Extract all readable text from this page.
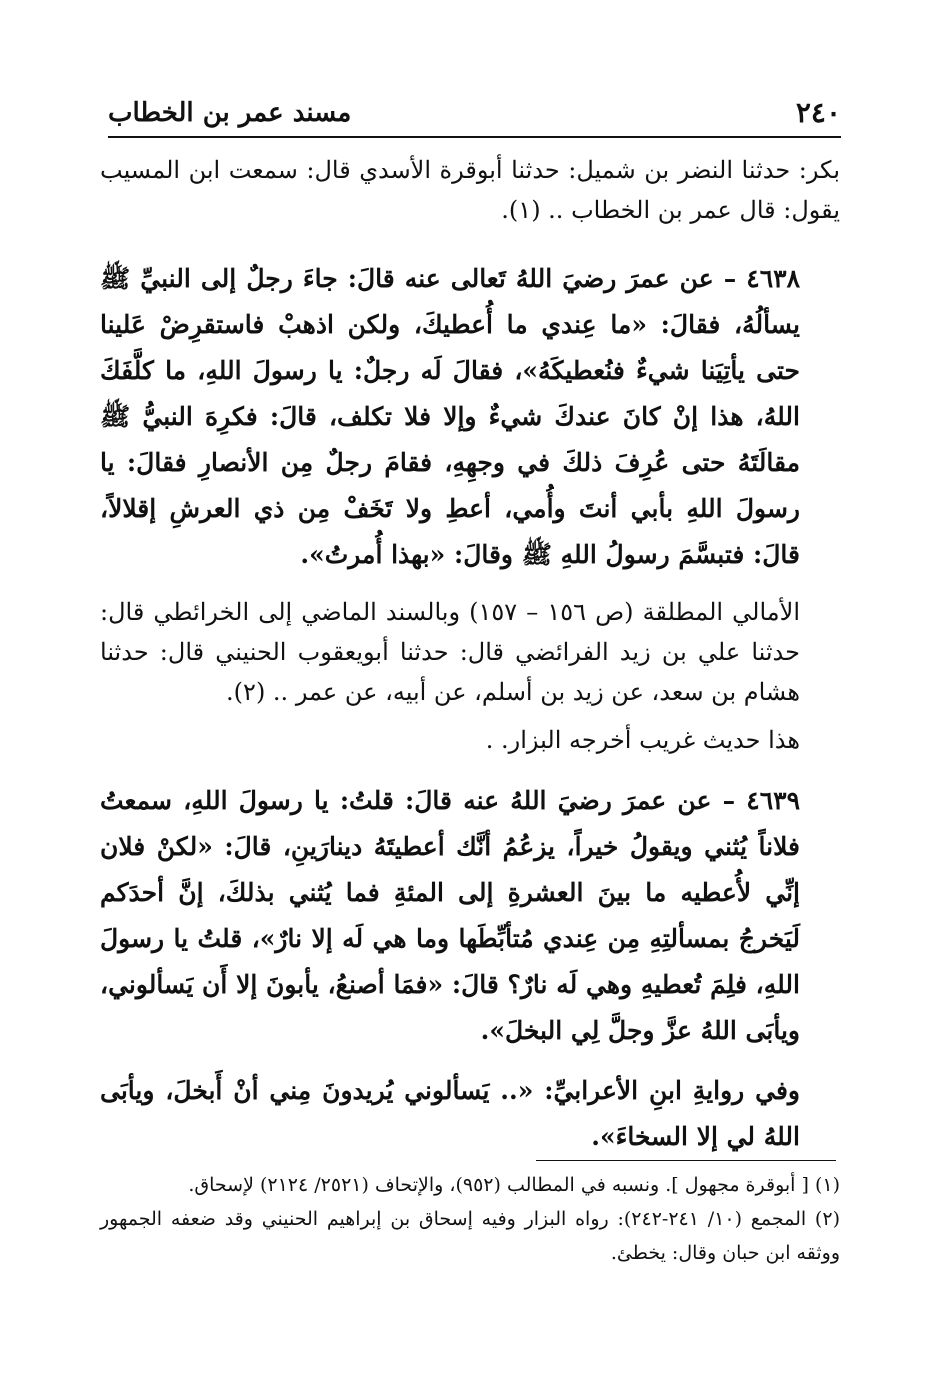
٢٤٠
مسند عمر بن الخطاب

بكر: حدثنا النضر بن شميل: حدثنا أبوقرة الأسدي قال: سمعت ابن المسيب يقول: قال عمر بن الخطاب .. (١).

٤٦٣٨ – عن عمرَ رضيَ اللهُ تَعالى عنه قالَ: جاءَ رجلٌ إلى النبيِّ ﷺ يسألُهُ، فقالَ: «ما عِندي ما أُعطيكَ، ولكن اذهبْ فاستقرِضْ عَلينا حتى يأتِيَنا شيءٌ فنُعطيكَهُ»، فقالَ لَه رجلٌ: يا رسولَ اللهِ، ما كلَّفَكَ اللهُ، هذا إنْ كانَ عندكَ شيءٌ وإلا فلا تكلف، قالَ: فكرِهَ النبيُّ ﷺ مقالَتَهُ حتى عُرِفَ ذلكَ في وجهِهِ، فقامَ رجلٌ مِن الأنصارِ فقالَ: يا رسولَ اللهِ بأبي أنتَ وأُمي، أعطِ ولا تَخَفْ مِن ذي العرشِ إقلالاً، قالَ: فتبسَّمَ رسولُ اللهِ ﷺ وقالَ: «بهذا أُمرتُ».

الأمالي المطلقة (ص ١٥٦ – ١٥٧) وبالسند الماضي إلى الخرائطي قال: حدثنا علي بن زيد الفرائضي قال: حدثنا أبويعقوب الحنيني قال: حدثنا هشام بن سعد، عن زيد بن أسلم، عن أبيه، عن عمر .. (٢).

هذا حديث غريب أخرجه البزار. .

٤٦٣٩ – عن عمرَ رضيَ اللهُ عنه قالَ: قلتُ: يا رسولَ اللهِ، سمعتُ فلاناً يُثني ويقولُ خيراً، يزعُمُ أنَّك أعطيتَهُ دينارَينِ، قالَ: «لكنْ فلان إنِّي لأُعطيه ما بينَ العشرةِ إلى المئةِ فما يُثني بذلكَ، إنَّ أحدَكم لَيَخرجُ بمسألتِهِ مِن عِندي مُتأبِّطَها وما هي لَه إلا نارٌ»، قلتُ يا رسولَ اللهِ، فلِمَ تُعطيهِ وهي لَه نارٌ؟ قالَ: «فمَا أصنعُ، يأبونَ إلا أَن يَسألوني، ويأبَى اللهُ عزَّ وجلَّ لِي البخلَ».

وفي روايةِ ابنِ الأعرابيِّ: «.. يَسألوني يُريدونَ مِني أنْ أَبخلَ، ويأبَى اللهُ لي إلا السخاءَ».

(١) [ أبوقرة مجهول ]. ونسبه في المطالب (٩٥٢)، والإتحاف (٢٥٢١/ ٢١٢٤) لإسحاق.

(٢) المجمع (١٠/ ٢٤١-٢٤٢): رواه البزار وفيه إسحاق بن إبراهيم الحنيني وقد ضعفه الجمهور ووثقه ابن حبان وقال: يخطئ.
